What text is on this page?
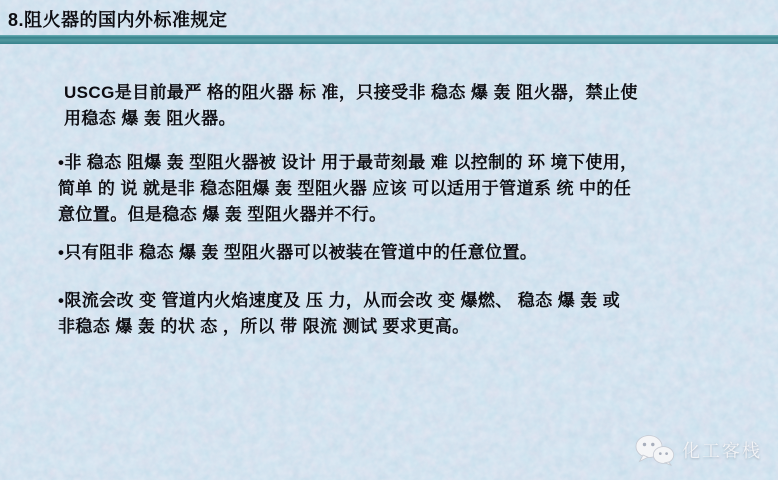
8.阻火器的国内外标准规定
USCG是目前最严 格的阻火器 标 准，只接受非 稳态 爆 轰 阻火器，禁止使
用稳态 爆 轰 阻火器。
•非 稳态 阻爆 轰 型阻火器被 设计 用于最苛刻最 难 以控制的 环 境下使用，
简单 的 说 就是非 稳态阻爆 轰 型阻火器 应该 可以适用于管道系 统 中的任
意位置。但是稳态 爆 轰 型阻火器并不行。
•只有阻非 稳态 爆 轰 型阻火器可以被装在管道中的任意位置。
•限流会改 变 管道内火焰速度及 压 力，从而会改 变 爆燃、 稳态 爆 轰 或
非稳态 爆 轰 的状 态 ，所以 带 限流 测试 要求更高。
化工客栈
